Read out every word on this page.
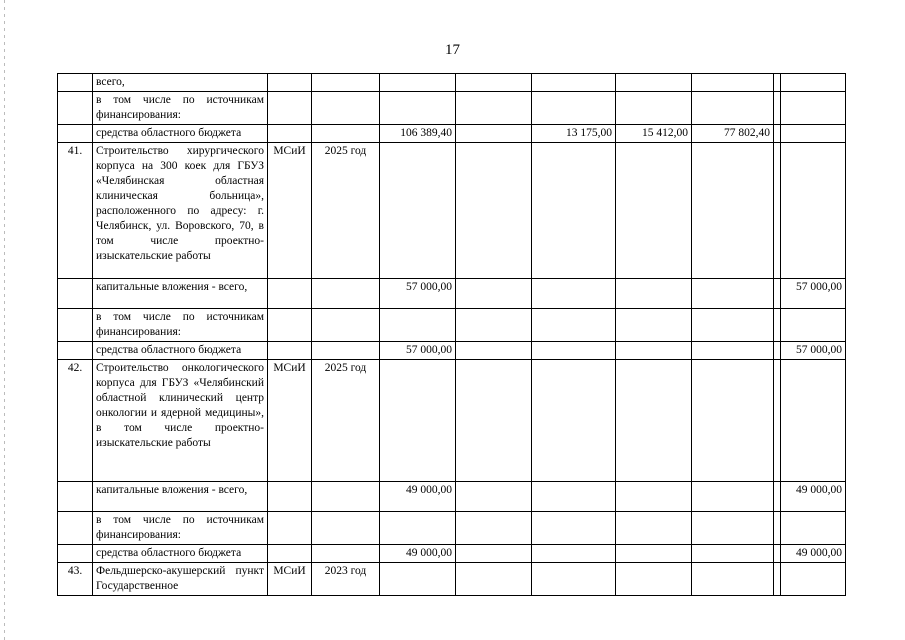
17
	всего,									
	в том числе по источникам финансирования:									
	средства областного бюджета			106 389,40		13 175,00	15 412,00	77 802,40		
41.	Строительство хирургического корпуса на 300 коек для ГБУЗ «Челябинская областная клиническая больница», расположенного по адресу: г. Челябинск, ул. Воровского, 70, в том числе проектно-изыскательские работы	МСиИ	2025 год							
	капитальные вложения - всего,			57 000,00						57 000,00
	в том числе по источникам финансирования:									
	средства областного бюджета			57 000,00						57 000,00
42.	Строительство онкологического корпуса для ГБУЗ «Челябинский областной клинический центр онкологии и ядерной медицины», в том числе проектно-изыскательские работы	МСиИ	2025 год							
	капитальные вложения - всего,			49 000,00						49 000,00
	в том числе по источникам финансирования:									
	средства областного бюджета			49 000,00						49 000,00
43.	Фельдшерско-акушерский пункт Государственное	МСиИ	2023 год							
